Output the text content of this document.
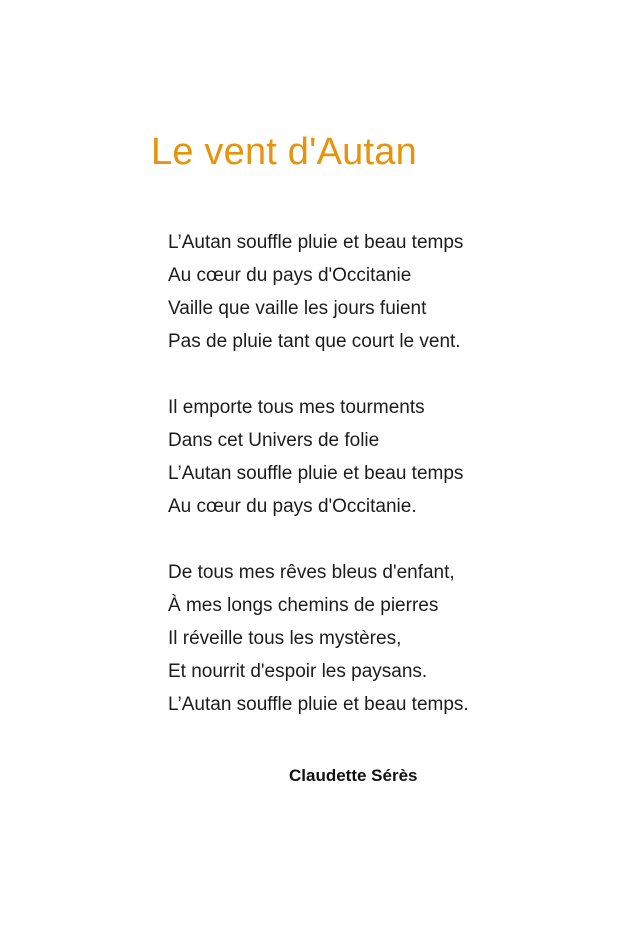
Le vent d'Autan
L’Autan souffle pluie et beau temps
Au cœur du pays d'Occitanie
Vaille que vaille les jours fuient
Pas de pluie tant que court le vent.
Il emporte tous mes tourments
Dans cet Univers de folie
L’Autan souffle pluie et beau temps
Au cœur du pays d'Occitanie.
De tous mes rêves bleus d'enfant,
À mes longs chemins de pierres
Il réveille tous les mystères,
Et nourrit d'espoir les paysans.
L’Autan souffle pluie et beau temps.
Claudette Sérès
